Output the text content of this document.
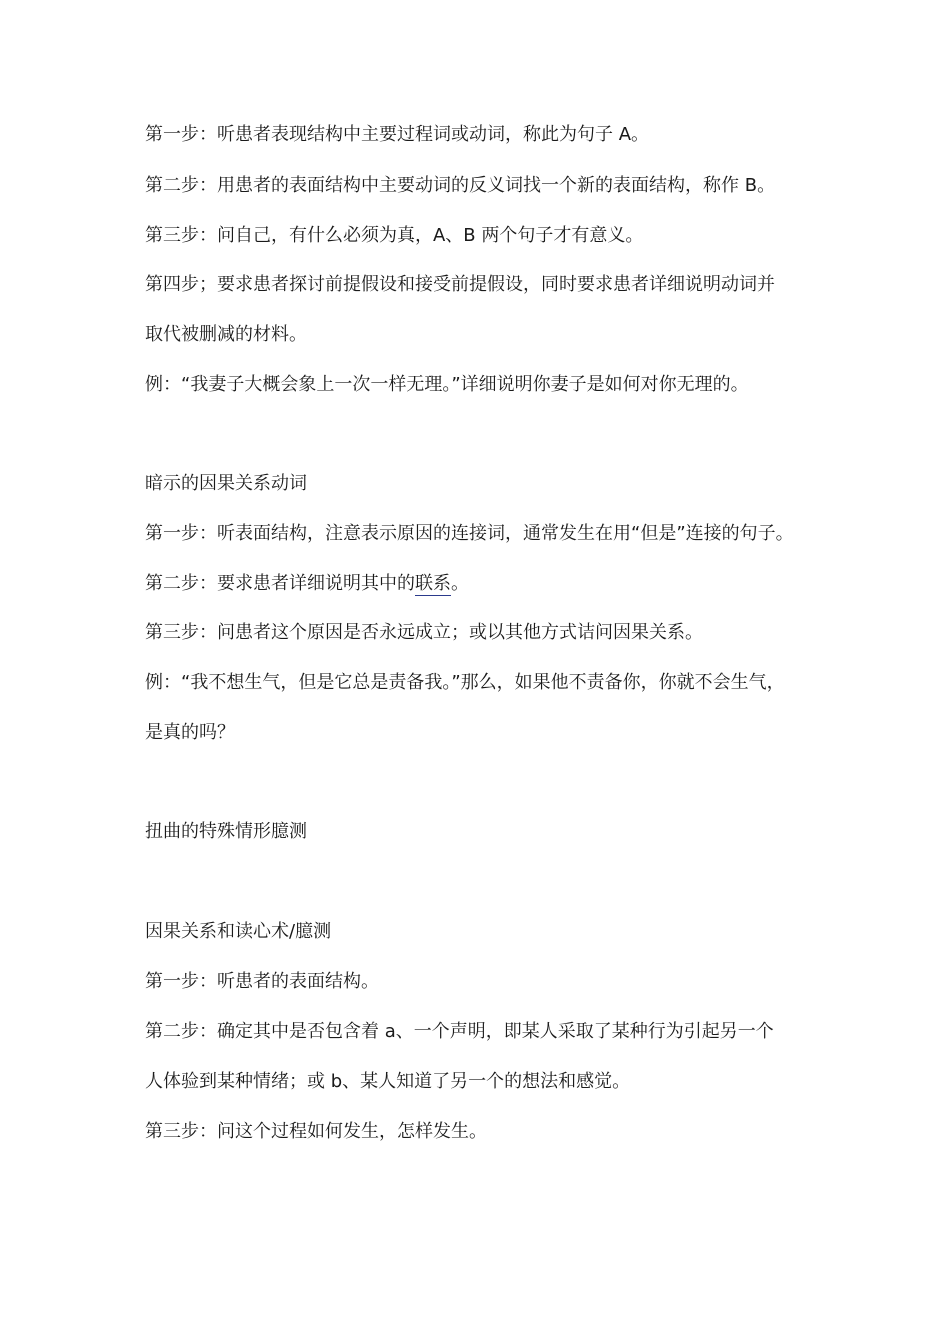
第一步：听患者表现结构中主要过程词或动词，称此为句子 A。
第二步：用患者的表面结构中主要动词的反义词找一个新的表面结构，称作 B。
第三步：问自己，有什么必须为真，A、B 两个句子才有意义。
第四步；要求患者探讨前提假设和接受前提假设，同时要求患者详细说明动词并
取代被删减的材料。
例：“我妻子大概会象上一次一样无理。”详细说明你妻子是如何对你无理的。
暗示的因果关系动词
第一步：听表面结构，注意表示原因的连接词，通常发生在用“但是”连接的句子。
第二步：要求患者详细说明其中的联系。
第三步：问患者这个原因是否永远成立；或以其他方式诘问因果关系。
例：“我不想生气，但是它总是责备我。”那么，如果他不责备你，你就不会生气，
是真的吗？
扭曲的特殊情形臆测
因果关系和读心术/臆测
第一步：听患者的表面结构。
第二步：确定其中是否包含着 a、一个声明，即某人采取了某种行为引起另一个
人体验到某种情绪；或 b、某人知道了另一个的想法和感觉。
第三步：问这个过程如何发生，怎样发生。
